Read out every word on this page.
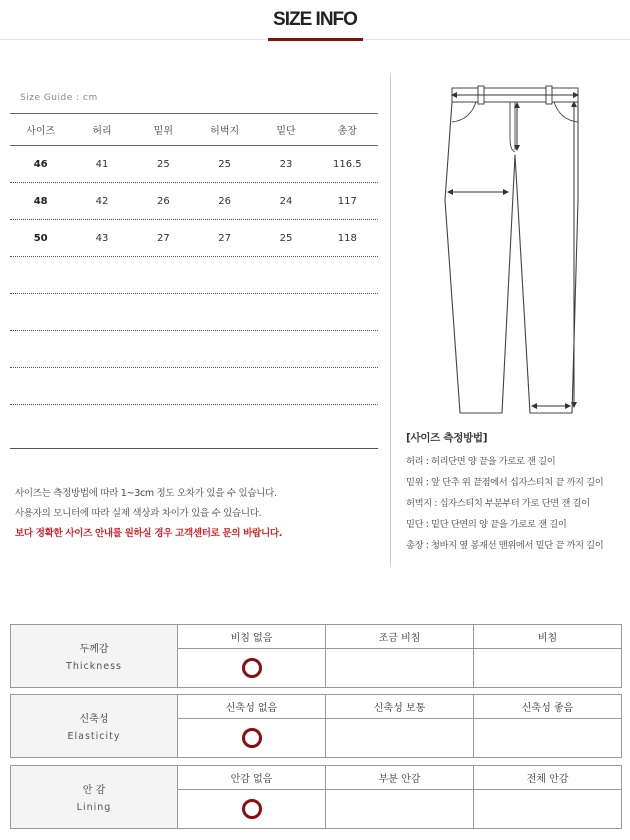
SIZE INFO
Size Guide : cm
사이즈	허리	밑위	허벅지	밑단	총장
46	41	25	25	23	116.5
48	42	26	26	24	117
50	43	27	27	25	118

사이즈는 측정방법에 따라 1~3cm 정도 오차가 있을 수 있습니다.

사용자의 모니터에 따라 실제 색상과 차이가 있을 수 있습니다.

보다 정확한 사이즈 안내를 원하실 경우 고객센터로 문의 바랍니다.

[사이즈 측정방법]

허리 : 허리단면 양 끝을 가로로 잰 길이

밑위 : 앞 단추 위 끝점에서 십자스티치 끝 까지 길이

허벅지 : 십자스티치 부분부터 가로 단면 잰 길이

밑단 : 밑단 단면의 양 끝을 가로로 잰 길이

총장 : 청바지 옆 봉재선 맨위에서 밑단 끝 까지 길이

두께감
Thickness
비침 없음	조금 비침	비침
신축성
Elasticity
신축성 없음	신축성 보통	신축성 좋음
안 감
Lining
안감 없음	부분 안감	전체 안감
